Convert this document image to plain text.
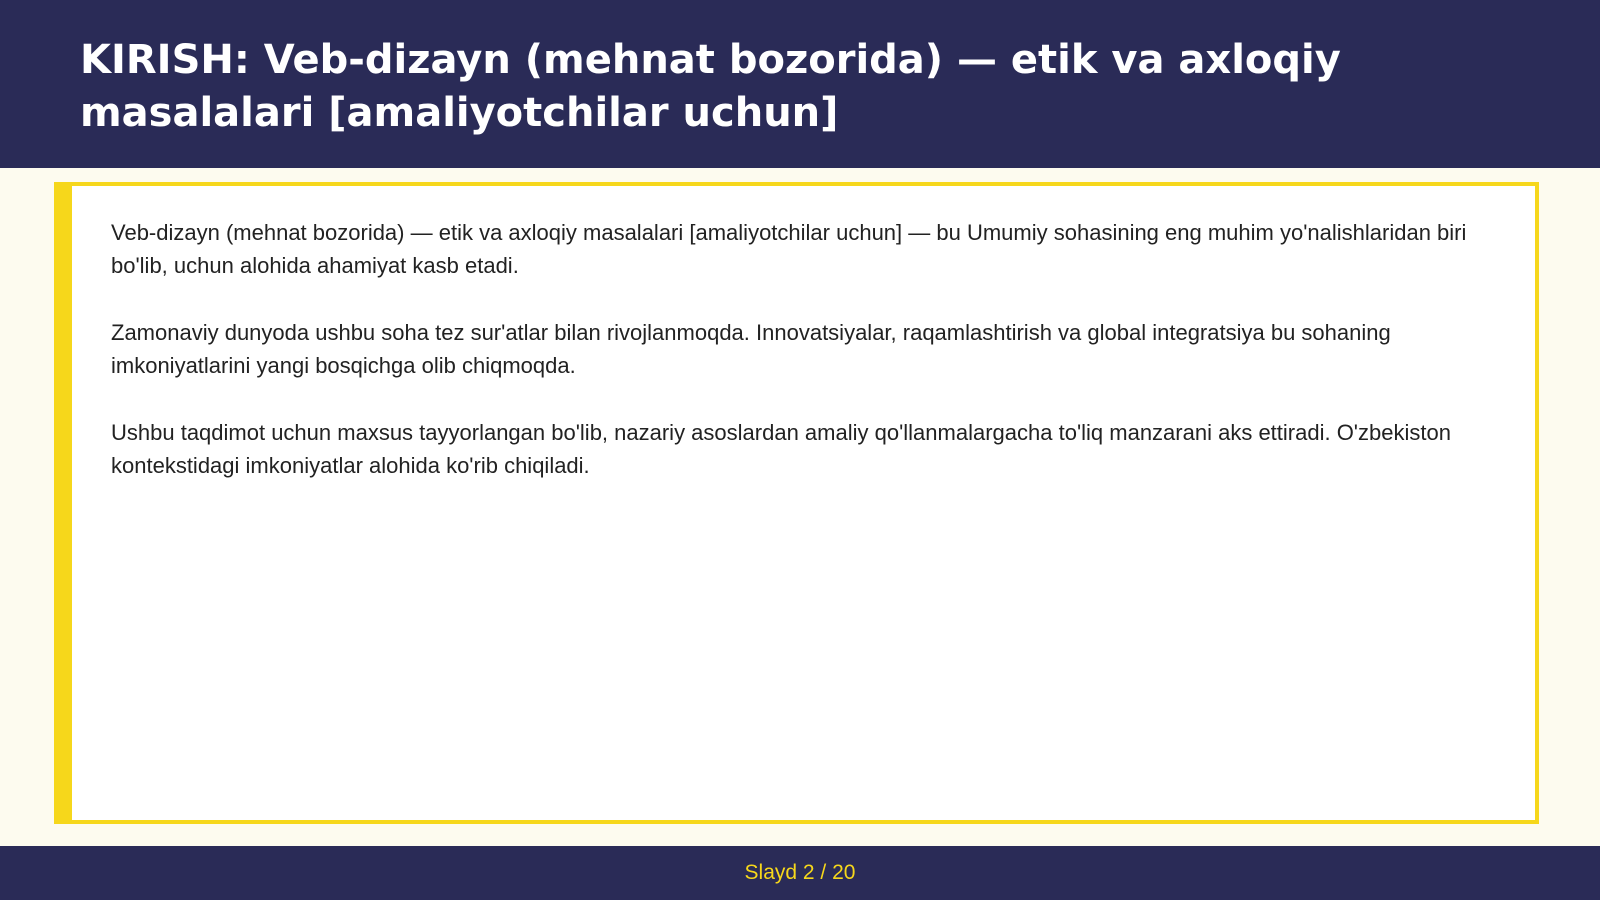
KIRISH: Veb-dizayn (mehnat bozorida) — etik va axloqiy masalalari [amaliyotchilar uchun]

Veb-dizayn (mehnat bozorida) — etik va axloqiy masalalari [amaliyotchilar uchun] — bu Umumiy sohasining eng muhim yo'nalishlaridan biri bo'lib, uchun alohida ahamiyat kasb etadi.

Zamonaviy dunyoda ushbu soha tez sur'atlar bilan rivojlanmoqda. Innovatsiyalar, raqamlashtirish va global integratsiya bu sohaning imkoniyatlarini yangi bosqichga olib chiqmoqda.

Ushbu taqdimot uchun maxsus tayyorlangan bo'lib, nazariy asoslardan amaliy qo'llanmalargacha to'liq manzarani aks ettiradi. O'zbekiston kontekstidagi imkoniyatlar alohida ko'rib chiqiladi.

Slayd 2 / 20
